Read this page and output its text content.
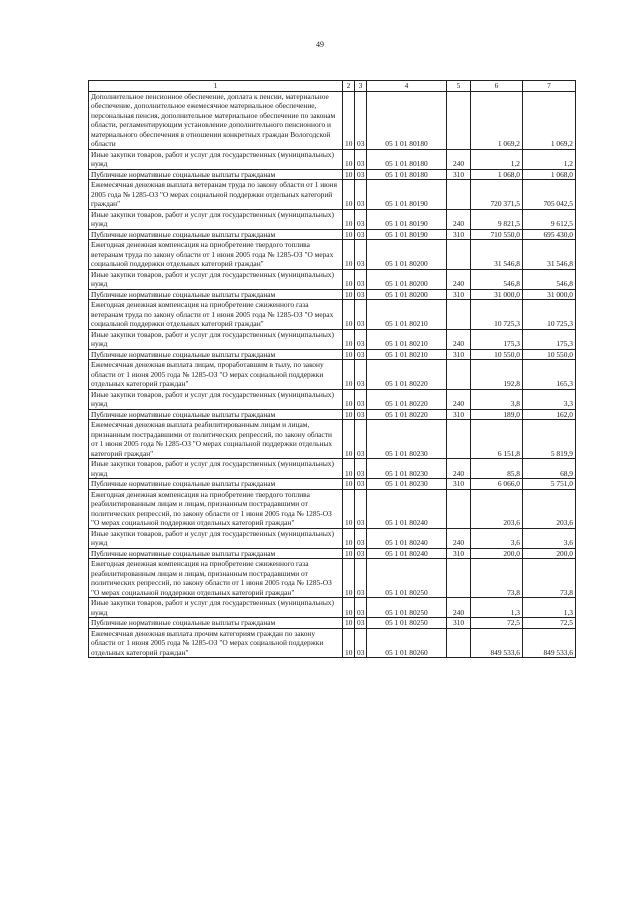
49
1	2	3	4	5	6	7
Дополнительное пенсионное обеспечение, доплата к пенсии, материальное обеспечение, дополнительное ежемесячное материальное обеспечение, персональная пенсия, дополнительное материальное обеспечение по законам области, регламентирующим установление дополнительного пенсионного и материального обеспечения в отношении конкретных граждан Вологодской области	10	03	05 1 01 80180		1 069,2	1 069,2
Иные закупки товаров, работ и услуг для государственных (муниципальных) нужд	10	03	05 1 01 80180	240	1,2	1,2
Публичные нормативные социальные выплаты гражданам	10	03	05 1 01 80180	310	1 068,0	1 068,0
Ежемесячная денежная выплата ветеранам труда по закону области от 1 июня 2005 года № 1285-ОЗ "О мерах социальной поддержки отдельных категорий граждан"	10	03	05 1 01 80190		720 371,5	705 042,5
Иные закупки товаров, работ и услуг для государственных (муниципальных) нужд	10	03	05 1 01 80190	240	9 821,5	9 612,5
Публичные нормативные социальные выплаты гражданам	10	03	05 1 01 80190	310	710 550,0	695 430,0
Ежегодная денежная компенсация на приобретение твердого топлива ветеранам труда по закону области от 1 июня 2005 года № 1285-ОЗ "О мерах социальной поддержки отдельных категорий граждан"	10	03	05 1 01 80200		31 546,8	31 546,8
Иные закупки товаров, работ и услуг для государственных (муниципальных) нужд	10	03	05 1 01 80200	240	546,8	546,8
Публичные нормативные социальные выплаты гражданам	10	03	05 1 01 80200	310	31 000,0	31 000,0
Ежегодная денежная компенсация на приобретение сжиженного газа ветеранам труда по закону области от 1 июня 2005 года № 1285-ОЗ "О мерах социальной поддержки отдельных категорий граждан"	10	03	05 1 01 80210		10 725,3	10 725,3
Иные закупки товаров, работ и услуг для государственных (муниципальных) нужд	10	03	05 1 01 80210	240	175,3	175,3
Публичные нормативные социальные выплаты гражданам	10	03	05 1 01 80210	310	10 550,0	10 550,0
Ежемесячная денежная выплата лицам, проработавшим в тылу, по закону области от 1 июня 2005 года № 1285-ОЗ "О мерах социальной поддержки отдельных категорий граждан"	10	03	05 1 01 80220		192,8	165,3
Иные закупки товаров, работ и услуг для государственных (муниципальных) нужд	10	03	05 1 01 80220	240	3,8	3,3
Публичные нормативные социальные выплаты гражданам	10	03	05 1 01 80220	310	189,0	162,0
Ежемесячная денежная выплата реабилитированным лицам и лицам, признанным пострадавшими от политических репрессий, по закону области от 1 июня 2005 года № 1285-ОЗ "О мерах социальной поддержки отдельных категорий граждан"	10	03	05 1 01 80230		6 151,8	5 819,9
Иные закупки товаров, работ и услуг для государственных (муниципальных) нужд	10	03	05 1 01 80230	240	85,8	68,9
Публичные нормативные социальные выплаты гражданам	10	03	05 1 01 80230	310	6 066,0	5 751,0
Ежегодная денежная компенсация на приобретение твердого топлива реабилитированным лицам и лицам, признанным пострадавшими от политических репрессий, по закону области от 1 июня 2005 года № 1285-ОЗ "О мерах социальной поддержки отдельных категорий граждан"	10	03	05 1 01 80240		203,6	203,6
Иные закупки товаров, работ и услуг для государственных (муниципальных) нужд	10	03	05 1 01 80240	240	3,6	3,6
Публичные нормативные социальные выплаты гражданам	10	03	05 1 01 80240	310	200,0	200,0
Ежегодная денежная компенсация на приобретение сжиженного газа реабилитированным лицам и лицам, признанным пострадавшими от политических репрессий, по закону области от 1 июня 2005 года № 1285-ОЗ "О мерах социальной поддержки отдельных категорий граждан"	10	03	05 1 01 80250		73,8	73,8
Иные закупки товаров, работ и услуг для государственных (муниципальных) нужд	10	03	05 1 01 80250	240	1,3	1,3
Публичные нормативные социальные выплаты гражданам	10	03	05 1 01 80250	310	72,5	72,5
Ежемесячная денежная выплата прочим категориям граждан по закону области от 1 июня 2005 года № 1285-ОЗ "О мерах социальной поддержки отдельных категорий граждан"	10	03	05 1 01 80260		849 533,6	849 533,6
